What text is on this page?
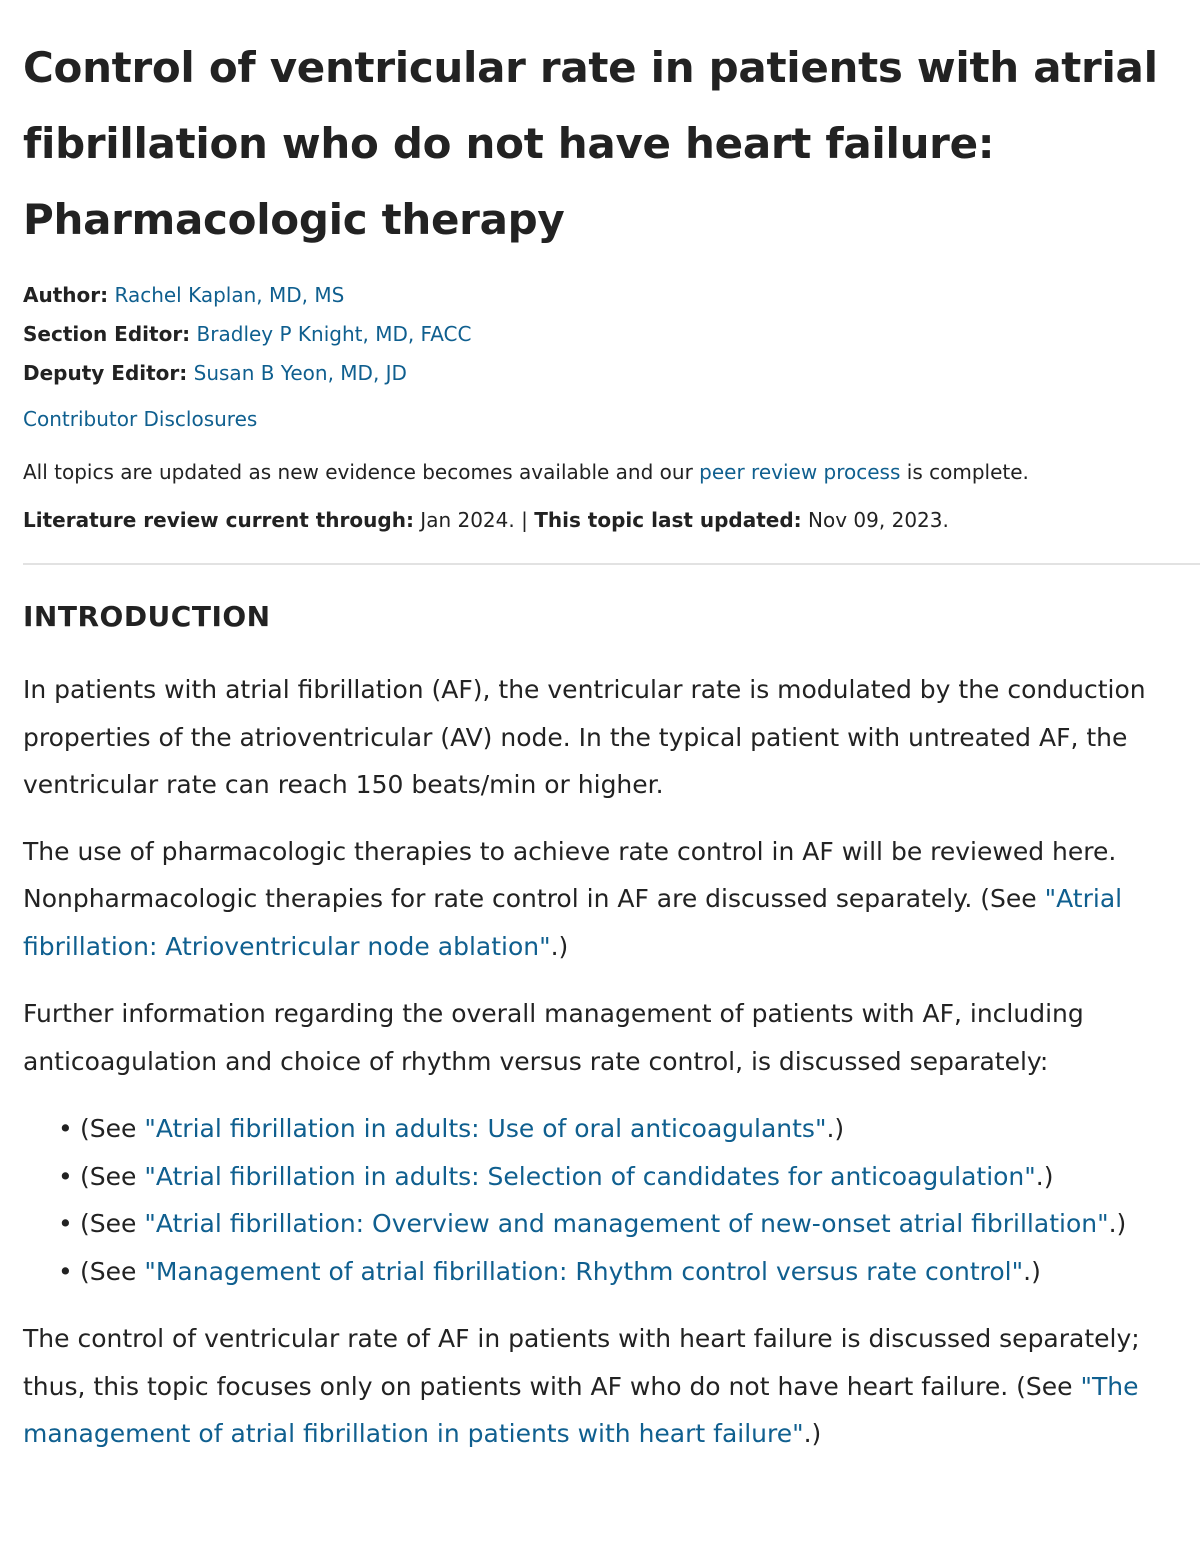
Control of ventricular rate in patients with atrial fibrillation who do not have heart failure: Pharmacologic therapy
Author: Rachel Kaplan, MD, MS
Section Editor: Bradley P Knight, MD, FACC
Deputy Editor: Susan B Yeon, MD, JD
Contributor Disclosures
All topics are updated as new evidence becomes available and our peer review process is complete.
Literature review current through: Jan 2024. | This topic last updated: Nov 09, 2023.
INTRODUCTION

In patients with atrial fibrillation (AF), the ventricular rate is modulated by the conduction properties of the atrioventricular (AV) node. In the typical patient with untreated AF, the ventricular rate can reach 150 beats/min or higher.

The use of pharmacologic therapies to achieve rate control in AF will be reviewed here. Nonpharmacologic therapies for rate control in AF are discussed separately. (See "Atrial fibrillation: Atrioventricular node ablation".)

Further information regarding the overall management of patients with AF, including anticoagulation and choice of rhythm versus rate control, is discussed separately:

• (See "Atrial fibrillation in adults: Use of oral anticoagulants".)
• (See "Atrial fibrillation in adults: Selection of candidates for anticoagulation".)
• (See "Atrial fibrillation: Overview and management of new-onset atrial fibrillation".)
• (See "Management of atrial fibrillation: Rhythm control versus rate control".)

The control of ventricular rate of AF in patients with heart failure is discussed separately; thus, this topic focuses only on patients with AF who do not have heart failure. (See "The management of atrial fibrillation in patients with heart failure".)
